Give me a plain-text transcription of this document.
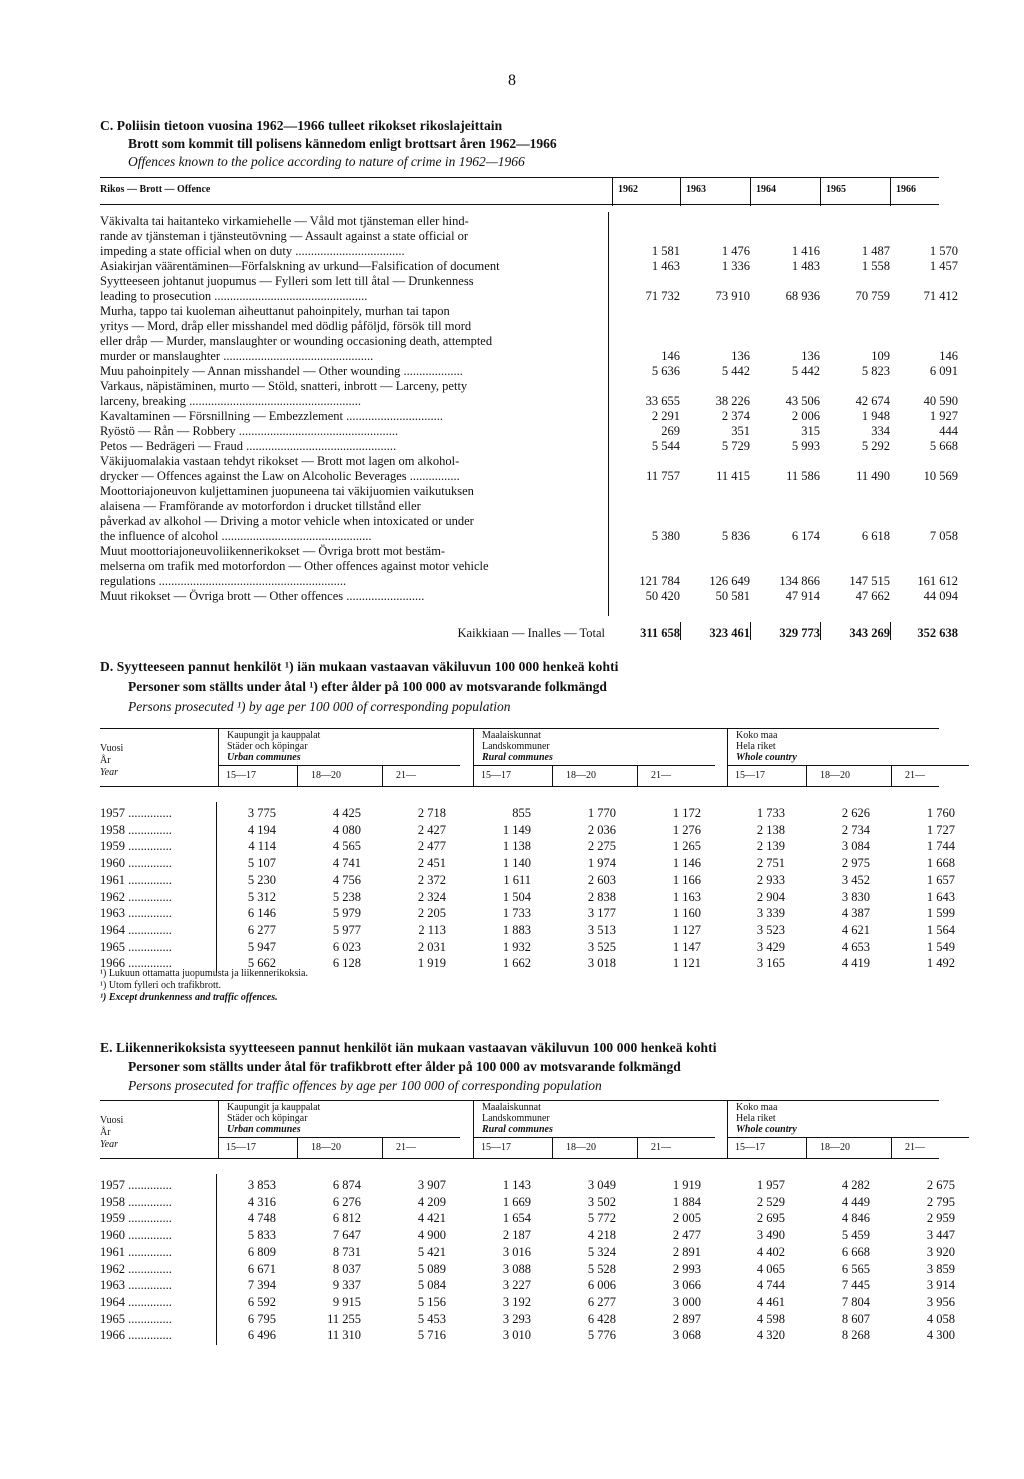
8
C. Poliisin tietoon vuosina 1962—1966 tulleet rikokset rikoslajeittain
Brott som kommit till polisens kännedom enligt brottsart åren 1962—1966
Offences known to the police according to nature of crime in 1962—1966
Rikos — Brott — Offence	1962	1963	1964	1965	1966
Väkivalta tai haitanteko virkamiehelle — Våld mot tjänsteman eller hind-
rande av tjänsteman i tjänsteutövning — Assault against a state official or
impeding a state official when on duty ...................................	1 581	1 476	1 416	1 487	1 570
Asiakirjan väärentäminen—Förfalskning av urkund—Falsification of document	1 463	1 336	1 483	1 558	1 457
Syytteeseen johtanut juopumus — Fylleri som lett till åtal — Drunkenness
leading to prosecution .................................................	71 732	73 910	68 936	70 759	71 412
Murha, tappo tai kuoleman aiheuttanut pahoinpitely, murhan tai tapon
yritys — Mord, dråp eller misshandel med dödlig påföljd, försök till mord
eller dråp — Murder, manslaughter or wounding occasioning death, attempted
murder or manslaughter ................................................	146	136	136	109	146
Muu pahoinpitely — Annan misshandel — Other wounding ...................	5 636	5 442	5 442	5 823	6 091
Varkaus, näpistäminen, murto — Stöld, snatteri, inbrott — Larceny, petty
larceny, breaking .......................................................	33 655	38 226	43 506	42 674	40 590
Kavaltaminen — Försnillning — Embezzlement ...............................	2 291	2 374	2 006	1 948	1 927
Ryöstö — Rån — Robbery ...................................................	269	351	315	334	444
Petos — Bedrägeri — Fraud ................................................	5 544	5 729	5 993	5 292	5 668
Väkijuomalakia vastaan tehdyt rikokset — Brott mot lagen om alkohol-
drycker — Offences against the Law on Alcoholic Beverages ................	11 757	11 415	11 586	11 490	10 569
Moottoriajoneuvon kuljettaminen juopuneena tai väkijuomien vaikutuksen
alaisena — Framförande av motorfordon i drucket tillstånd eller
påverkad av alkohol — Driving a motor vehicle when intoxicated or under
the influence of alcohol ................................................	5 380	5 836	6 174	6 618	7 058
Muut moottoriajoneuvoliikennerikokset — Övriga brott mot bestäm-
melserna om trafik med motorfordon — Other offences against motor vehicle
regulations ............................................................	121 784	126 649	134 866	147 515	161 612
Muut rikokset — Övriga brott — Other offences .........................	50 420	50 581	47 914	47 662	44 094
Kaikkiaan — Inalles — Total	311 658	323 461	329 773	343 269	352 638
D. Syytteeseen pannut henkilöt ¹) iän mukaan vastaavan väkiluvun 100 000 henkeä kohti
Personer som ställts under åtal ¹) efter ålder på 100 000 av motsvarande folkmängd
Persons prosecuted ¹) by age per 100 000 of corresponding population
Vuosi
År
Year
Kaupungit ja kauppalat
Städer och köpingar
Urban communes
15—17	18—20	21—
Maalaiskunnat
Landskommuner
Rural communes
15—17	18—20	21—
Koko maa
Hela riket
Whole country
15—17	18—20	21—
1957 ..............	3 775	4 425	2 718	855	1 770	1 172	1 733	2 626	1 760
1958 ..............	4 194	4 080	2 427	1 149	2 036	1 276	2 138	2 734	1 727
1959 ..............	4 114	4 565	2 477	1 138	2 275	1 265	2 139	3 084	1 744
1960 ..............	5 107	4 741	2 451	1 140	1 974	1 146	2 751	2 975	1 668
1961 ..............	5 230	4 756	2 372	1 611	2 603	1 166	2 933	3 452	1 657
1962 ..............	5 312	5 238	2 324	1 504	2 838	1 163	2 904	3 830	1 643
1963 ..............	6 146	5 979	2 205	1 733	3 177	1 160	3 339	4 387	1 599
1964 ..............	6 277	5 977	2 113	1 883	3 513	1 127	3 523	4 621	1 564
1965 ..............	5 947	6 023	2 031	1 932	3 525	1 147	3 429	4 653	1 549
1966 ..............	5 662	6 128	1 919	1 662	3 018	1 121	3 165	4 419	1 492
¹) Lukuun ottamatta juopumusta ja liikennerikoksia.
¹) Utom fylleri och trafikbrott.
¹) Except drunkenness and traffic offences.
E. Liikennerikoksista syytteeseen pannut henkilöt iän mukaan vastaavan väkiluvun 100 000 henkeä kohti
Personer som ställts under åtal för trafikbrott efter ålder på 100 000 av motsvarande folkmängd
Persons prosecuted for traffic offences by age per 100 000 of corresponding population
Vuosi
År
Year
Kaupungit ja kauppalat
Städer och köpingar
Urban communes
15—17	18—20	21—
Maalaiskunnat
Landskommuner
Rural communes
15—17	18—20	21—
Koko maa
Hela riket
Whole country
15—17	18—20	21—
1957 ..............	3 853	6 874	3 907	1 143	3 049	1 919	1 957	4 282	2 675
1958 ..............	4 316	6 276	4 209	1 669	3 502	1 884	2 529	4 449	2 795
1959 ..............	4 748	6 812	4 421	1 654	5 772	2 005	2 695	4 846	2 959
1960 ..............	5 833	7 647	4 900	2 187	4 218	2 477	3 490	5 459	3 447
1961 ..............	6 809	8 731	5 421	3 016	5 324	2 891	4 402	6 668	3 920
1962 ..............	6 671	8 037	5 089	3 088	5 528	2 993	4 065	6 565	3 859
1963 ..............	7 394	9 337	5 084	3 227	6 006	3 066	4 744	7 445	3 914
1964 ..............	6 592	9 915	5 156	3 192	6 277	3 000	4 461	7 804	3 956
1965 ..............	6 795	11 255	5 453	3 293	6 428	2 897	4 598	8 607	4 058
1966 ..............	6 496	11 310	5 716	3 010	5 776	3 068	4 320	8 268	4 300
